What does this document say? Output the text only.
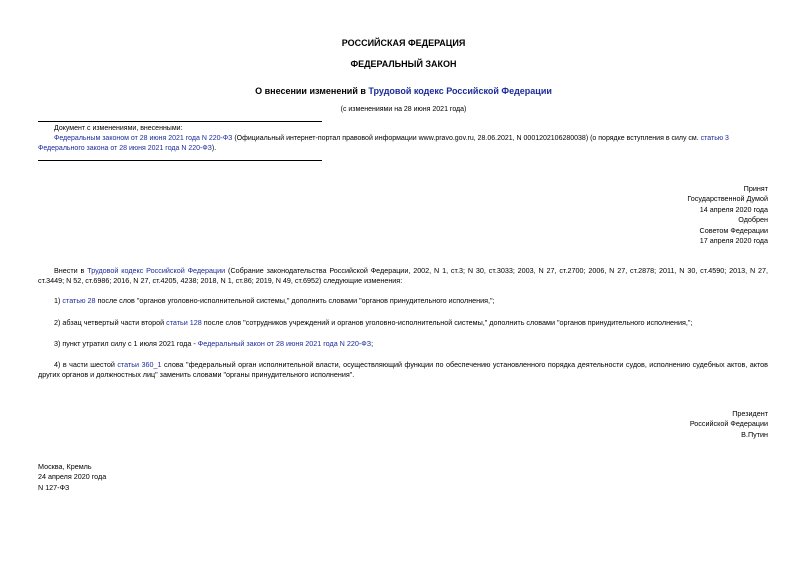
РОССИЙСКАЯ ФЕДЕРАЦИЯ
ФЕДЕРАЛЬНЫЙ ЗАКОН
О внесении изменений в Трудовой кодекс Российской Федерации
(с изменениями на 28 июня 2021 года)
Документ с изменениями, внесенными:
Федеральным законом от 28 июня 2021 года N 220-ФЗ (Официальный интернет-портал правовой информации www.pravo.gov.ru, 28.06.2021, N 0001202106280038) (о порядке вступления в силу см. статью 3 Федерального закона от 28 июня 2021 года N 220-ФЗ).
Принят
Государственной Думой
14 апреля 2020 года
Одобрен
Советом Федерации
17 апреля 2020 года
Внести в Трудовой кодекс Российской Федерации (Собрание законодательства Российской Федерации, 2002, N 1, ст.3; N 30, ст.3033; 2003, N 27, ст.2700; 2006, N 27, ст.2878; 2011, N 30, ст.4590; 2013, N 27, ст.3449; N 52, ст.6986; 2016, N 27, ст.4205, 4238; 2018, N 1, ст.86; 2019, N 49, ст.6952) следующие изменения:
1) статью 28 после слов "органов уголовно-исполнительной системы," дополнить словами "органов принудительного исполнения,";
2) абзац четвертый части второй статьи 128 после слов "сотрудников учреждений и органов уголовно-исполнительной системы," дополнить словами "органов принудительного исполнения,";
3) пункт утратил силу с 1 июля 2021 года - Федеральный закон от 28 июня 2021 года N 220-ФЗ;
4) в части шестой статьи 360_1 слова "федеральный орган исполнительной власти, осуществляющий функции по обеспечению установленного порядка деятельности судов, исполнению судебных актов, актов других органов и должностных лиц" заменить словами "органы принудительного исполнения".
Президент
Российской Федерации
В.Путин
Москва, Кремль
24 апреля 2020 года
N 127-ФЗ
